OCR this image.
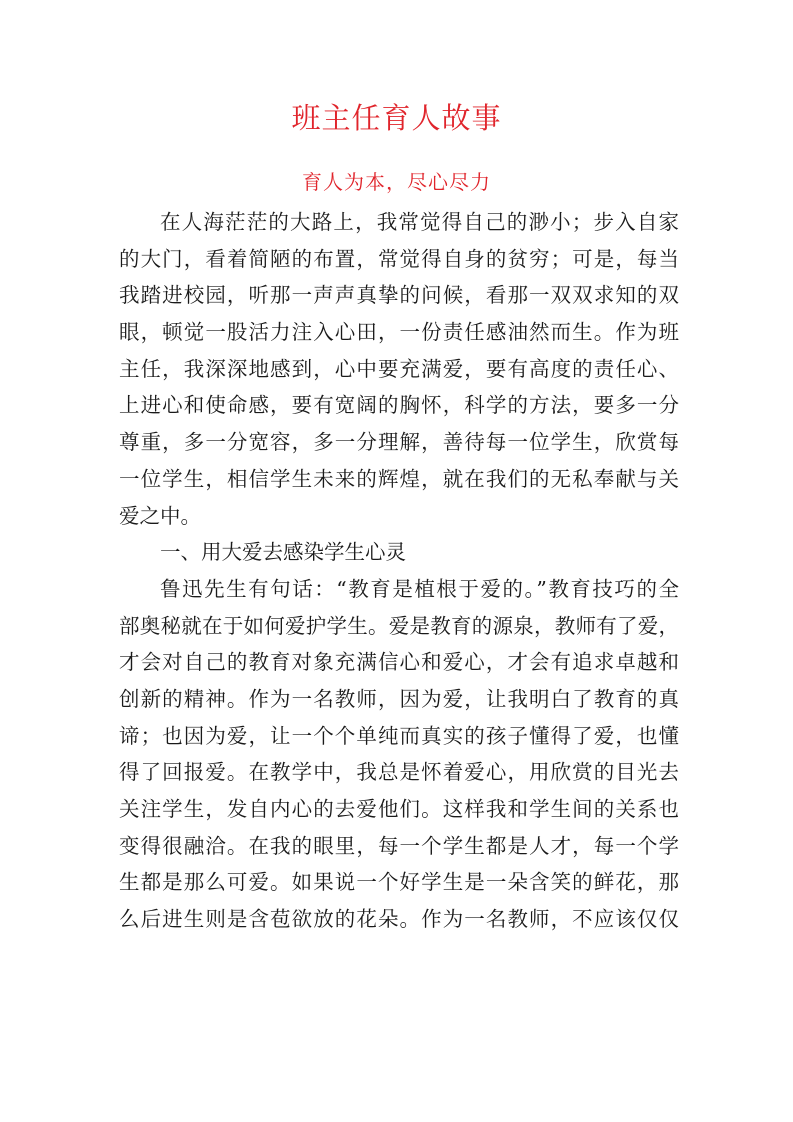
班主任育人故事
育人为本，尽心尽力
在人海茫茫的大路上，我常觉得自己的渺小；步入自家
的大门，看着简陋的布置，常觉得自身的贫穷；可是，每当
我踏进校园，听那一声声真挚的问候，看那一双双求知的双
眼，顿觉一股活力注入心田，一份责任感油然而生。作为班
主任，我深深地感到，心中要充满爱，要有高度的责任心、
上进心和使命感，要有宽阔的胸怀，科学的方法，要多一分
尊重，多一分宽容，多一分理解，善待每一位学生，欣赏每
一位学生，相信学生未来的辉煌，就在我们的无私奉献与关
爱之中。
一、用大爱去感染学生心灵
鲁迅先生有句话：“教育是植根于爱的。”教育技巧的全
部奥秘就在于如何爱护学生。爱是教育的源泉，教师有了爱，
才会对自己的教育对象充满信心和爱心，才会有追求卓越和
创新的精神。作为一名教师，因为爱，让我明白了教育的真
谛；也因为爱，让一个个单纯而真实的孩子懂得了爱，也懂
得了回报爱。在教学中，我总是怀着爱心，用欣赏的目光去
关注学生，发自内心的去爱他们。这样我和学生间的关系也
变得很融洽。在我的眼里，每一个学生都是人才，每一个学
生都是那么可爱。如果说一个好学生是一朵含笑的鲜花，那
么后进生则是含苞欲放的花朵。作为一名教师，不应该仅仅
